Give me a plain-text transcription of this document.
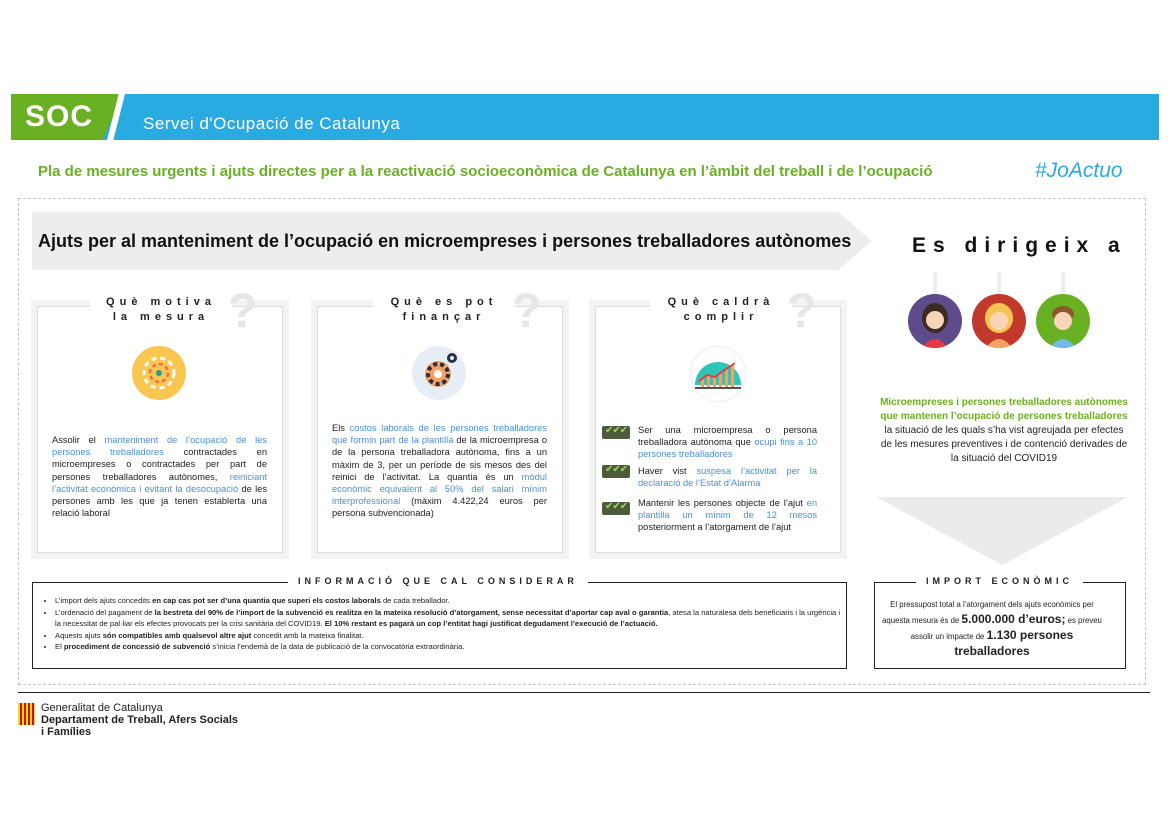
SOC	Servei d'Ocupació de Catalunya
Pla de mesures urgents i ajuts directes per a la reactivació socioeconòmica de Catalunya en l’àmbit del treball i de l’ocupació	#JoActuo
Ajuts per al manteniment de l’ocupació en microempreses i persones treballadores autònomes	Es dirigeix a
Què motiva
la mesura ?
Assolir el manteniment de l’ocupació de les persones treballadores contractades en microempreses o contractades per part de persones treballadores autònomes, reiniciant l’activitat econòmica i evitant la desocupació de les persones amb les que ja tenen establerta una relació laboral
Què es pot
finançar ?
Els costos laborals de les persones treballadores que formin part de la plantilla de la microempresa o de la persona treballadora autònoma, fins a un màxim de 3, per un període de sis mesos des del reinici de l’activitat. La quantia és un mòdul econòmic equivalent al 50% del salari mínim interprofessional (màxim 4.422,24 euros per persona subvencionada)
Què caldrà
complir ?
✔✔✔ Ser una microempresa o persona treballadora autònoma que ocupi fins a 10 persones treballadores
✔✔✔ Haver vist suspesa l’activitat per la declaració de l’Estat d’Alarma
✔✔✔ Mantenir les persones objecte de l’ajut en plantilla un mínim de 12 mesos posteriorment a l’atorgament de l’ajut
Microempreses i persones treballadores autònomes que mantenen l’ocupació de persones treballadores la situació de les quals s’ha vist agreujada per efectes de les mesures preventives i de contenció derivades de la situació del COVID19
• L’import dels ajuts concedits en cap cas pot ser d’una quantia que superi els costos laborals de cada treballador.
• L’ordenació del pagament de la bestreta del 90% de l’import de la subvenció es realitza en la mateixa resolució d’atorgament, sense necessitat d’aportar cap aval o garantia, atesa la naturalesa dels beneficiaris i la urgència i la necessitat de pal·liar els efectes provocats per la crisi sanitària del COVID19. El 10% restant es pagarà un cop l’entitat hagi justificat degudament l’execució de l’actuació.
• Aquests ajuts són compatibles amb qualsevol altre ajut concedit amb la mateixa finalitat.
• El procediment de concessió de subvenció s’inicia l’endemà de la data de publicació de la convocatòria extraordinària.
INFORMACIÓ QUE CAL CONSIDERAR
El pressupost total a l’atorgament dels ajuts econòmics per aquesta mesura és de 5.000.000 d’euros; es preveu assolir un impacte de 1.130 persones treballadores
IMPORT ECONÒMIC
Generalitat de Catalunya
Departament de Treball, Afers Socials
i Famílies
